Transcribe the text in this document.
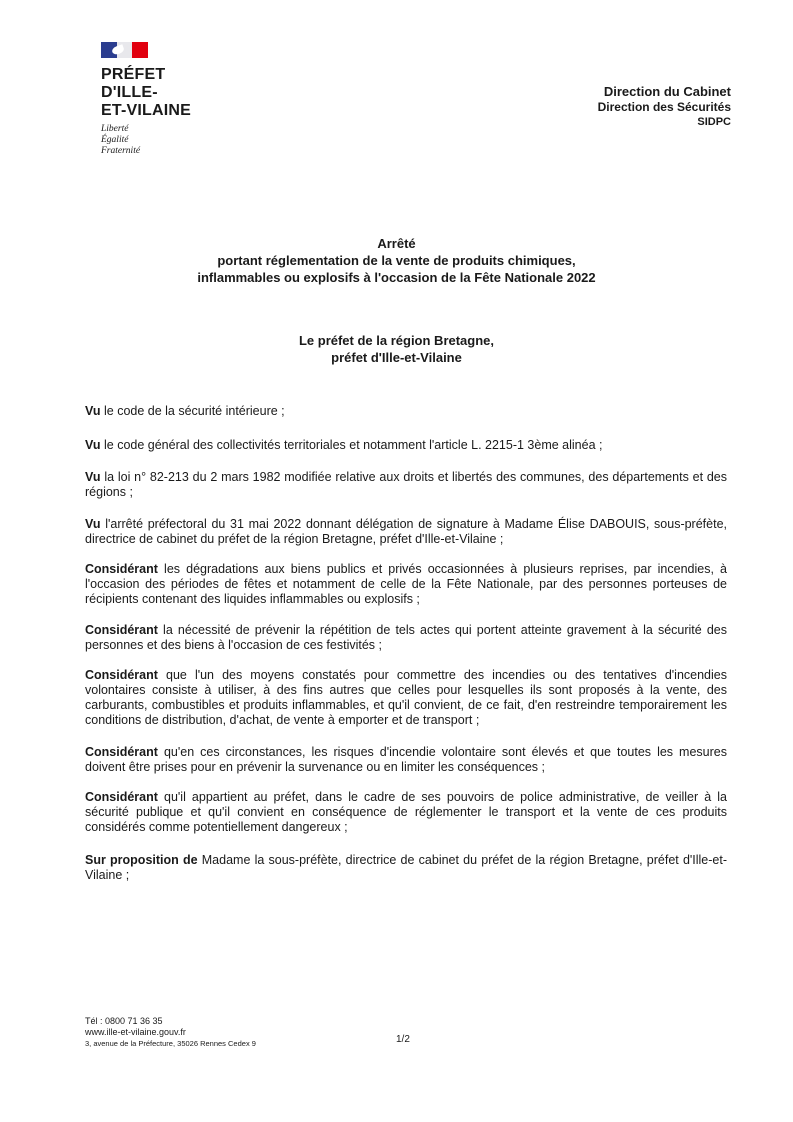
PRÉFET
D'ILLE-
ET-VILAINE
Liberté
Égalité
Fraternité
Direction du Cabinet
Direction des Sécurités
SIDPC
Arrêté
portant réglementation de la vente de produits chimiques,
inflammables ou explosifs à l'occasion de la Fête Nationale 2022
Le préfet de la région Bretagne,
préfet d'Ille-et-Vilaine

Vu le code de la sécurité intérieure ;

Vu le code général des collectivités territoriales et notamment l'article L. 2215-1 3ème alinéa ;

Vu la loi n° 82-213 du 2 mars 1982 modifiée relative aux droits et libertés des communes, des départements et des régions ;

Vu l'arrêté préfectoral du 31 mai 2022 donnant délégation de signature à Madame Élise DABOUIS, sous-préfète, directrice de cabinet du préfet de la région Bretagne, préfet d'Ille-et-Vilaine ;

Considérant les dégradations aux biens publics et privés occasionnées à plusieurs reprises, par incendies, à l'occasion des périodes de fêtes et notamment de celle de la Fête Nationale, par des personnes porteuses de récipients contenant des liquides inflammables ou explosifs ;

Considérant la nécessité de prévenir la répétition de tels actes qui portent atteinte gravement à la sécurité des personnes et des biens à l'occasion de ces festivités ;

Considérant que l'un des moyens constatés pour commettre des incendies ou des tentatives d'incendies volontaires consiste à utiliser, à des fins autres que celles pour lesquelles ils sont proposés à la vente, des carburants, combustibles et produits inflammables, et qu'il convient, de ce fait, d'en restreindre temporairement les conditions de distribution, d'achat, de vente à emporter et de transport ;

Considérant qu'en ces circonstances, les risques d'incendie volontaire sont élevés et que toutes les mesures doivent être prises pour en prévenir la survenance ou en limiter les conséquences ;

Considérant qu'il appartient au préfet, dans le cadre de ses pouvoirs de police administrative, de veiller à la sécurité publique et qu'il convient en conséquence de réglementer le transport et la vente de ces produits considérés comme potentiellement dangereux ;

Sur proposition de Madame la sous-préfète, directrice de cabinet du préfet de la région Bretagne, préfet d'Ille-et-Vilaine ;

Tél : 0800 71 36 35
www.ille-et-vilaine.gouv.fr
3, avenue de la Préfecture, 35026 Rennes Cedex 9	1/2
